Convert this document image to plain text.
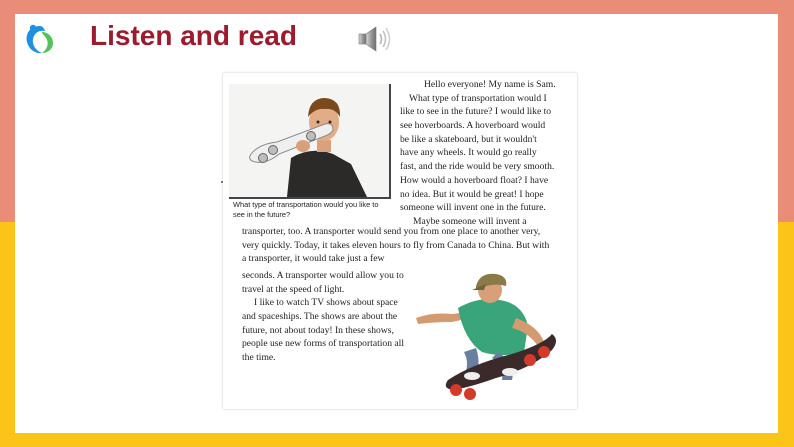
Listen and read
What type of transportation would you like to
see in the future?
Hello everyone! My name is Sam.
What type of transportation would I
like to see in the future? I would like to
see hoverboards. A hoverboard would
be like a skateboard, but it wouldn't
have any wheels. It would go really
fast, and the ride would be very smooth.
How would a hoverboard float? I have
no idea. But it would be great! I hope
someone will invent one in the future.
Maybe someone will invent a
transporter, too. A transporter would send you from one place to another very,
very quickly. Today, it takes eleven hours to fly from Canada to China. But with
a transporter, it would take just a few
seconds. A transporter would allow you to
travel at the speed of light.
I like to watch TV shows about space
and spaceships. The shows are about the
future, not about today! In these shows,
people use new forms of transportation all
the time.
